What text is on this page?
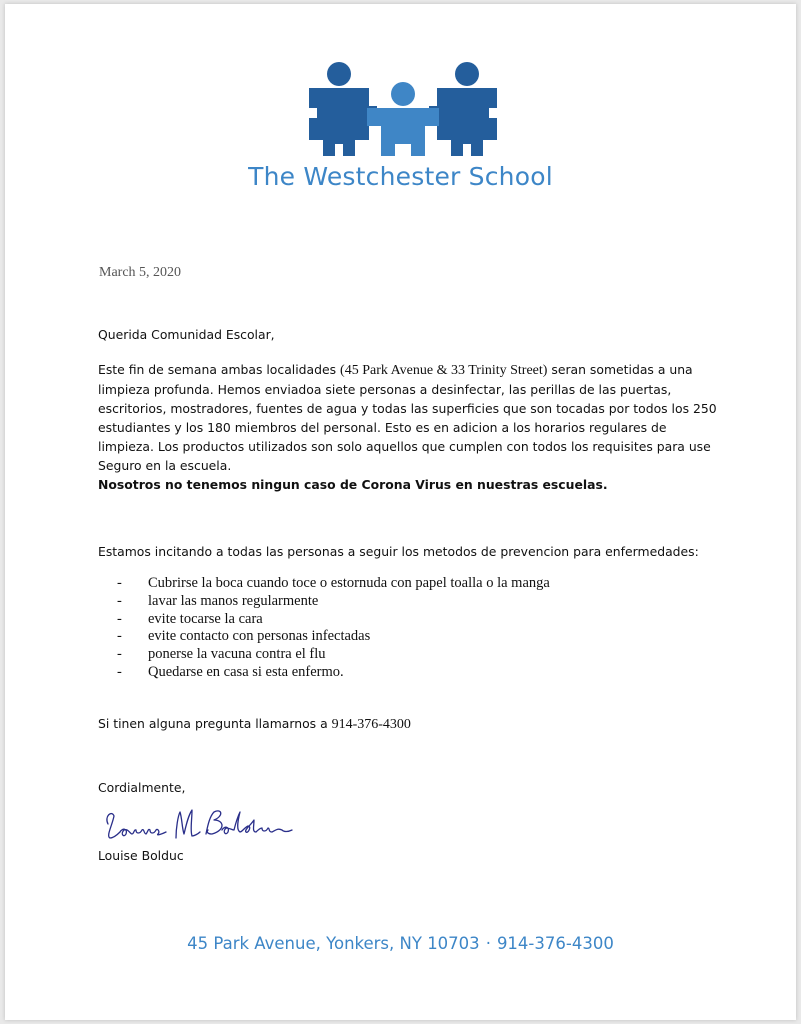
The Westchester School
March 5, 2020
Querida Comunidad Escolar,
Este fin de semana ambas localidades (45 Park Avenue & 33 Trinity Street) seran sometidas a una limpieza profunda. Hemos enviadoa siete personas a desinfectar, las perillas de las puertas, escritorios, mostradores, fuentes de agua y todas las superficies que son tocadas por todos los 250 estudiantes y los 180 miembros del personal. Esto es en adicion a los horarios regulares de limpieza. Los productos utilizados son solo aquellos que cumplen con todos los requisites para use Seguro en la escuela.
Nosotros no tenemos ningun caso de Corona Virus en nuestras escuelas.
Estamos incitando a todas las personas a seguir los metodos de prevencion para enfermedades:
- Cubrirse la boca cuando toce o estornuda con papel toalla o la manga
- lavar las manos regularmente
- evite tocarse la cara
- evite contacto con personas infectadas
- ponerse la vacuna contra el flu
- Quedarse en casa si esta enfermo.
Si tinen alguna pregunta llamarnos a 914-376-4300
Cordialmente,
Louise Bolduc
45 Park Avenue, Yonkers, NY 10703 · 914-376-4300
